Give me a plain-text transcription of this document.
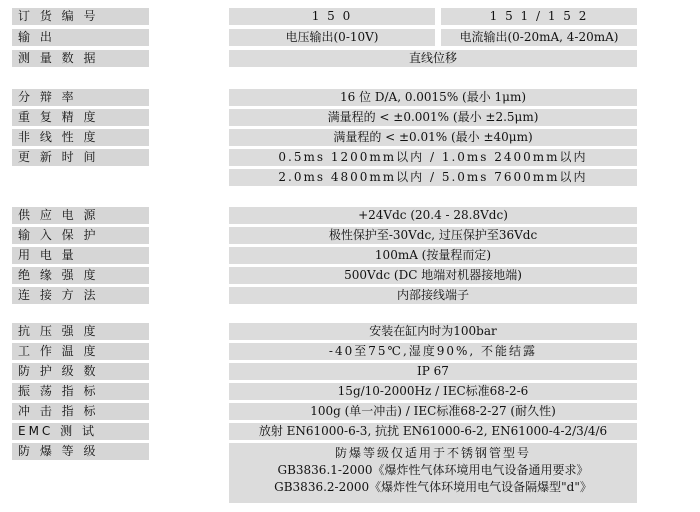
订 货 编 号	1 5 0	1 5 1 / 1 5 2
输 出	电压输出(0-10V)	电流输出(0-20mA, 4-20mA)
测 量 数 据	直线位移
分 辩 率	16 位 D/A, 0.0015% (最小 1μm)
重 复 精 度	满量程的 < ±0.001% (最小 ±2.5μm)
非 线 性 度	满量程的 < ±0.01% (最小 ±40μm)
更 新 时 间	0.5ms 1200mm以内 / 1.0ms 2400mm以内
2.0ms 4800mm以内 / 5.0ms 7600mm以内
供 应 电 源	+24Vdc (20.4 - 28.8Vdc)
输 入 保 护	极性保护至-30Vdc, 过压保护至36Vdc
用 电 量	100mA (按量程而定)
绝 缘 强 度	500Vdc (DC 地端对机器接地端)
连 接 方 法	内部接线端子
抗 压 强 度	安装在缸内时为100bar
工 作 温 度	-40至75℃,湿度90%, 不能结露
防 护 级 数	IP 67
振 荡 指 标	15g/10-2000Hz / IEC标准68-2-6
冲 击 指 标	100g (单一冲击) / IEC标准68-2-27 (耐久性)
EMC 测 试	放射 EN61000-6-3, 抗扰 EN61000-6-2, EN61000-4-2/3/4/6
防 爆 等 级	防爆等级仅适用于不锈钢管型号
GB3836.1-2000《爆炸性气体环境用电气设备通用要求》
GB3836.2-2000《爆炸性气体环境用电气设备隔爆型"d"》
